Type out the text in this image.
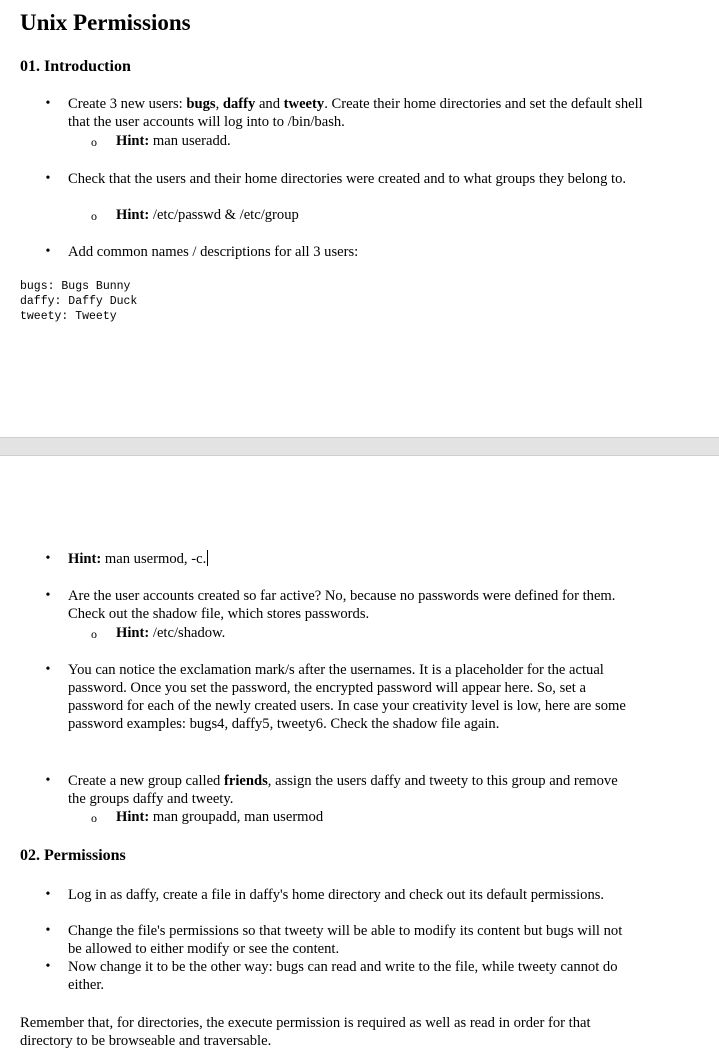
Unix Permissions
01. Introduction
• Create 3 new users: bugs, daffy and tweety. Create their home directories and set the default shell that the user accounts will log into to /bin/bash.
o Hint: man useradd.
• Check that the users and their home directories were created and to what groups they belong to.
o Hint: /etc/passwd & /etc/group
• Add common names / descriptions for all 3 users:
bugs: Bugs Bunny
daffy: Daffy Duck
tweety: Tweety
• Hint: man usermod, -c.
• Are the user accounts created so far active? No, because no passwords were defined for them. Check out the shadow file, which stores passwords.
o Hint: /etc/shadow.
• You can notice the exclamation mark/s after the usernames. It is a placeholder for the actual password. Once you set the password, the encrypted password will appear here. So, set a password for each of the newly created users. In case your creativity level is low, here are some password examples: bugs4, daffy5, tweety6. Check the shadow file again.
• Create a new group called friends, assign the users daffy and tweety to this group and remove the groups daffy and tweety.
o Hint: man groupadd, man usermod
02. Permissions
• Log in as daffy, create a file in daffy's home directory and check out its default permissions.
• Change the file's permissions so that tweety will be able to modify its content but bugs will not be allowed to either modify or see the content.
• Now change it to be the other way: bugs can read and write to the file, while tweety cannot do either.
Remember that, for directories, the execute permission is required as well as read in order for that directory to be browseable and traversable.
